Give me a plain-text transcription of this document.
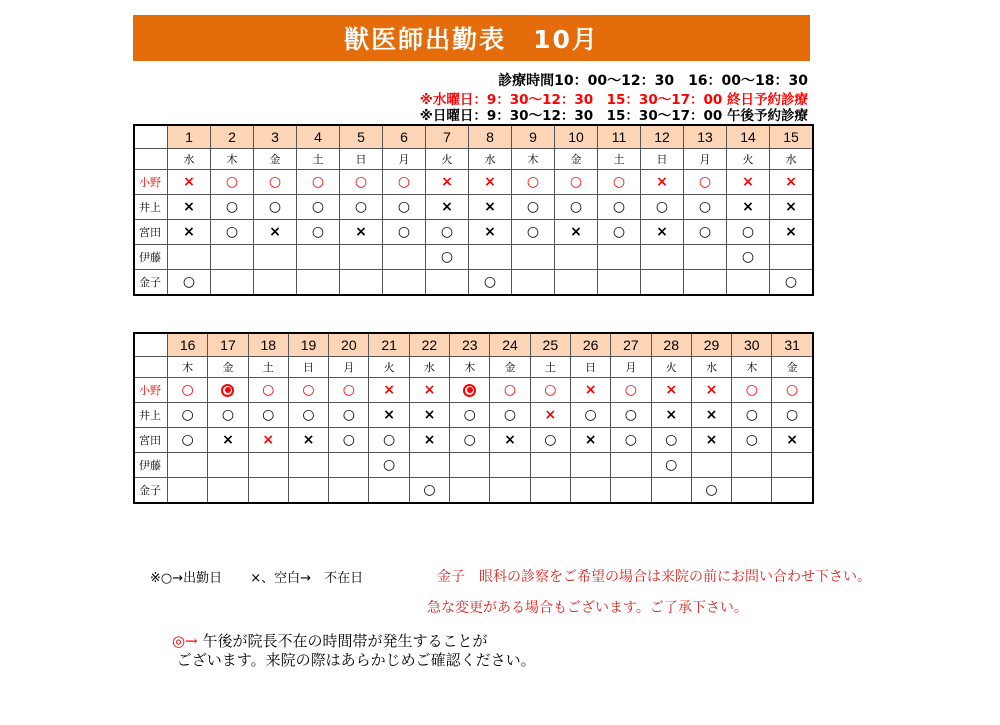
獣医師出勤表　10月
診療時間10：00～12：30　16：00～18：30
※水曜日：9：30～12：30　15：30～17：00 終日予約診療
※日曜日：9：30～12：30　15：30～17：00 午後予約診療
	1	2	3	4	5	6	7	8	9	10	11	12	13	14	15
	水	木	金	土	日	月	火	水	木	金	土	日	月	火	水
小野	×	○	○	○	○	○	×	×	○	○	○	×	○	×	×
井上	×	○	○	○	○	○	×	×	○	○	○	○	○	×	×
宮田	×	○	×	○	×	○	○	×	○	×	○	×	○	○	×
伊藤							○							○	
金子	○							○							○
	16	17	18	19	20	21	22	23	24	25	26	27	28	29	30	31
	木	金	土	日	月	火	水	木	金	土	日	月	火	水	木	金
小野	○		○	○	○	×	×		○	○	×	○	×	×	○	○
井上	○	○	○	○	○	×	×	○	○	×	○	○	×	×	○	○
宮田	○	×	×	×	○	○	×	○	×	○	×	○	○	×	○	×
伊藤						○							○			
金子							○							○		
※○→出勤日 ×、空白→　不在日	金子　眼科の診察をご希望の場合は来院の前にお問い合わせ下さい。
急な変更がある場合もございます。ご了承下さい。
◎→ 午後が院長不在の時間帯が発生することが
ございます。来院の際はあらかじめご確認ください。
